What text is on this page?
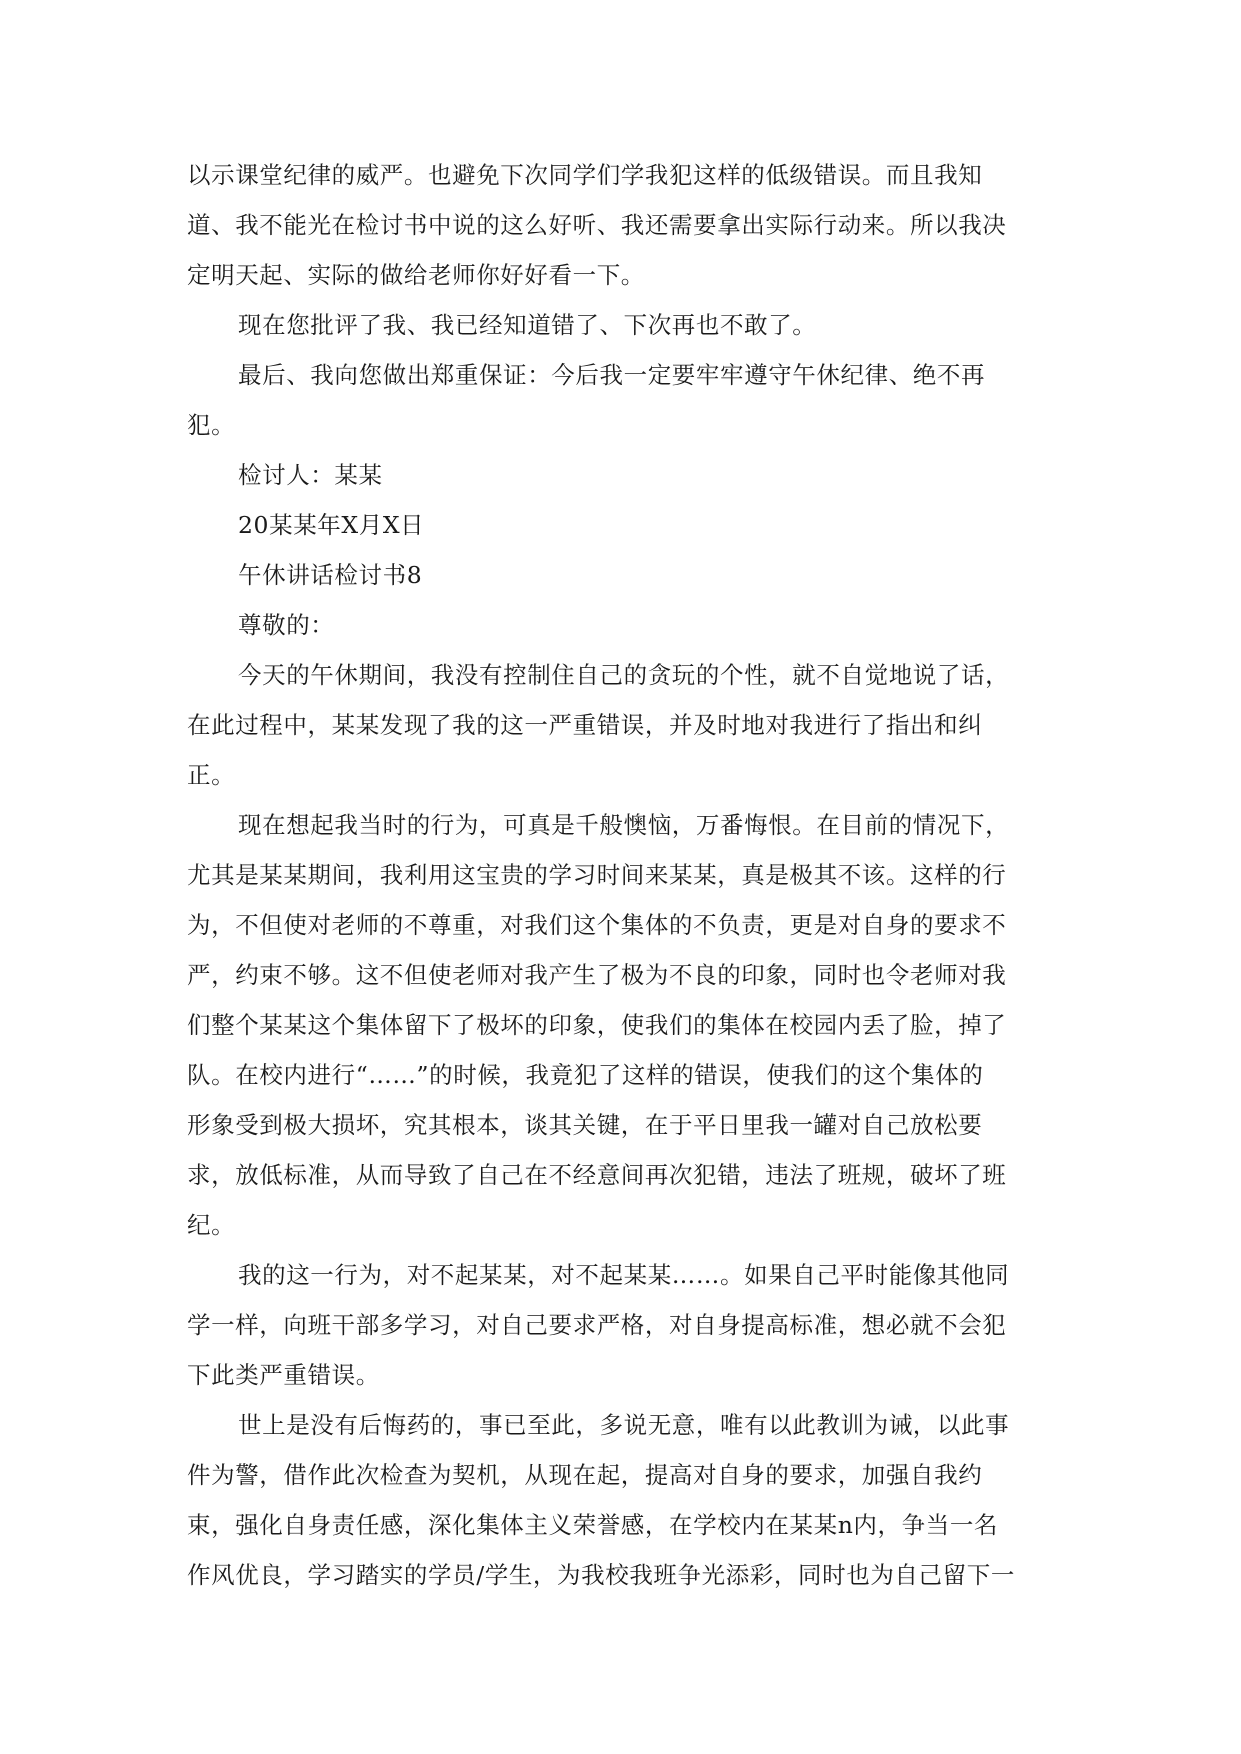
以示课堂纪律的威严。也避免下次同学们学我犯这样的低级错误。而且我知
道、我不能光在检讨书中说的这么好听、我还需要拿出实际行动来。所以我决
定明天起、实际的做给老师你好好看一下。
现在您批评了我、我已经知道错了、下次再也不敢了。
最后、我向您做出郑重保证：今后我一定要牢牢遵守午休纪律、绝不再
犯。
检讨人：某某
20某某年X月X日
午休讲话检讨书8
尊敬的：
今天的午休期间，我没有控制住自己的贪玩的个性，就不自觉地说了话，
在此过程中，某某发现了我的这一严重错误，并及时地对我进行了指出和纠
正。
现在想起我当时的行为，可真是千般懊恼，万番悔恨。在目前的情况下，
尤其是某某期间，我利用这宝贵的学习时间来某某，真是极其不该。这样的行
为，不但使对老师的不尊重，对我们这个集体的不负责，更是对自身的要求不
严，约束不够。这不但使老师对我产生了极为不良的印象，同时也令老师对我
们整个某某这个集体留下了极坏的印象，使我们的集体在校园内丢了脸，掉了
队。在校内进行“……”的时候，我竟犯了这样的错误，使我们的这个集体的
形象受到极大损坏，究其根本，谈其关键，在于平日里我一罐对自己放松要
求，放低标准，从而导致了自己在不经意间再次犯错，违法了班规，破坏了班
纪。
我的这一行为，对不起某某，对不起某某……。如果自己平时能像其他同
学一样，向班干部多学习，对自己要求严格，对自身提高标准，想必就不会犯
下此类严重错误。
世上是没有后悔药的，事已至此，多说无意，唯有以此教训为诫，以此事
件为警，借作此次检查为契机，从现在起，提高对自身的要求，加强自我约
束，强化自身责任感，深化集体主义荣誉感，在学校内在某某n内，争当一名
作风优良，学习踏实的学员/学生，为我校我班争光添彩，同时也为自己留下一
